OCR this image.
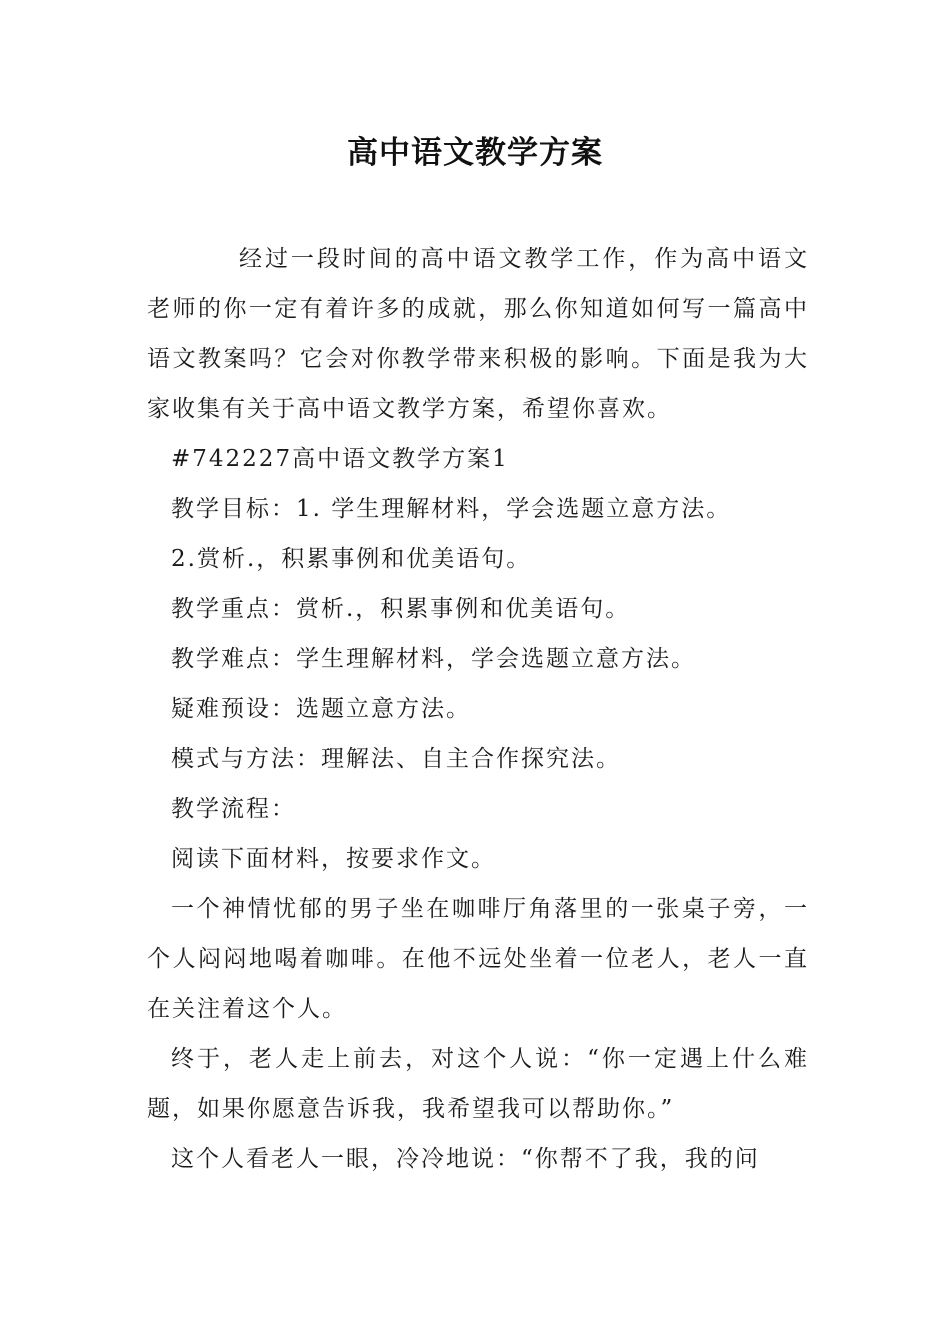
高中语文教学方案

经过一段时间的高中语文教学工作，作为高中语文老师的你一定有着许多的成就，那么你知道如何写一篇高中语文教案吗？它会对你教学带来积极的影响。下面是我为大家收集有关于高中语文教学方案，希望你喜欢。

#742227高中语文教学方案1

教学目标：1. 学生理解材料，学会选题立意方法。

2.赏析.，积累事例和优美语句。

教学重点：赏析.，积累事例和优美语句。

教学难点：学生理解材料，学会选题立意方法。

疑难预设：选题立意方法。

模式与方法：理解法、自主合作探究法。

教学流程：

阅读下面材料，按要求作文。

一个神情忧郁的男子坐在咖啡厅角落里的一张桌子旁，一个人闷闷地喝着咖啡。在他不远处坐着一位老人，老人一直在关注着这个人。

终于，老人走上前去，对这个人说：“你一定遇上什么难题，如果你愿意告诉我，我希望我可以帮助你。”

这个人看老人一眼，冷冷地说：“你帮不了我，我的问
